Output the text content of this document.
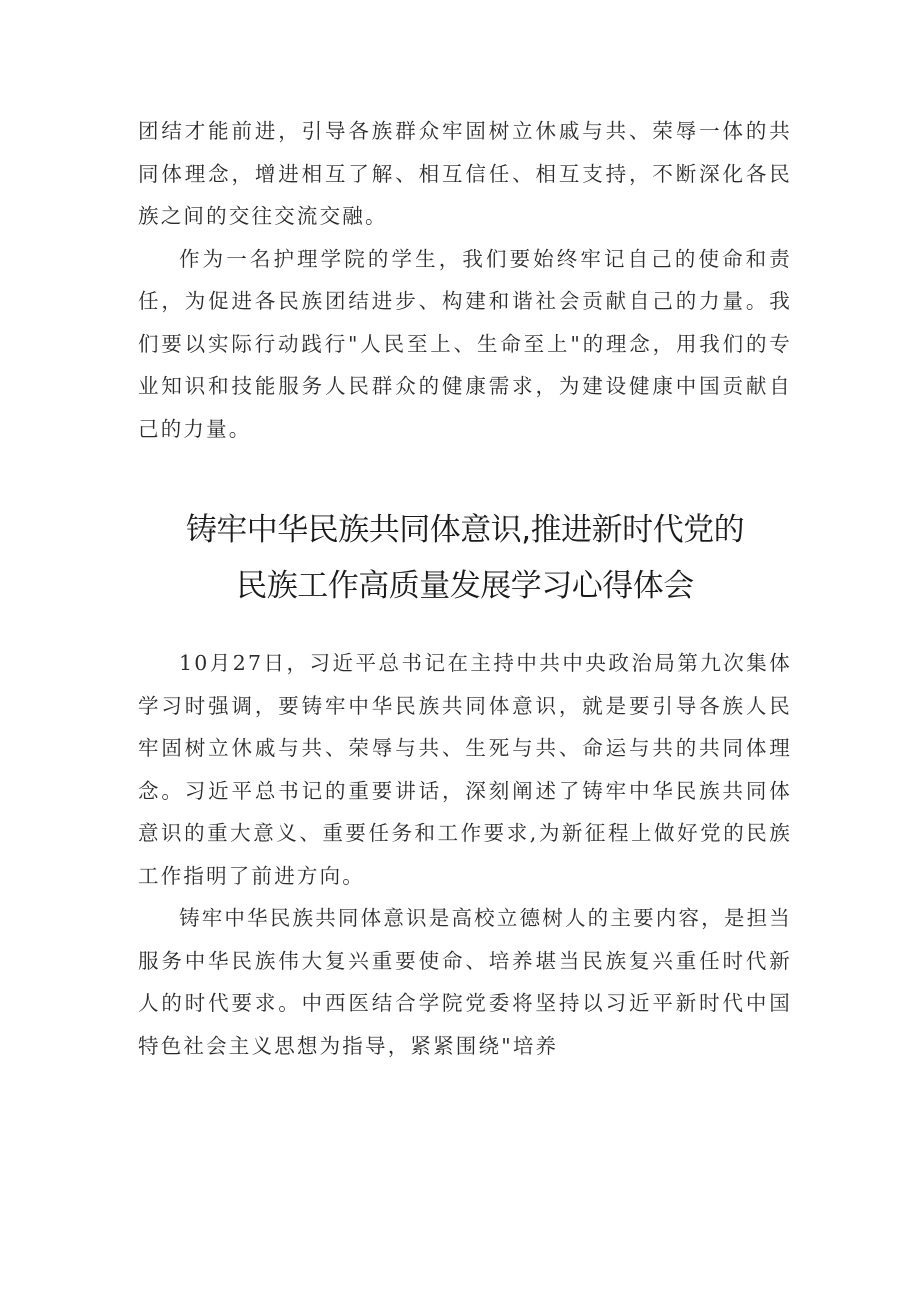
团结才能前进，引导各族群众牢固树立休戚与共、荣辱一体的共同体理念，增进相互了解、相互信任、相互支持，不断深化各民族之间的交往交流交融。

作为一名护理学院的学生，我们要始终牢记自己的使命和责任，为促进各民族团结进步、构建和谐社会贡献自己的力量。我们要以实际行动践行"人民至上、生命至上"的理念，用我们的专业知识和技能服务人民群众的健康需求，为建设健康中国贡献自己的力量。

铸牢中华民族共同体意识,推进新时代党的
民族工作高质量发展学习心得体会

10月27日，习近平总书记在主持中共中央政治局第九次集体学习时强调，要铸牢中华民族共同体意识，就是要引导各族人民牢固树立休戚与共、荣辱与共、生死与共、命运与共的共同体理念。习近平总书记的重要讲话，深刻阐述了铸牢中华民族共同体意识的重大意义、重要任务和工作要求,为新征程上做好党的民族工作指明了前进方向。

铸牢中华民族共同体意识是高校立德树人的主要内容，是担当服务中华民族伟大复兴重要使命、培养堪当民族复兴重任时代新人的时代要求。中西医结合学院党委将坚持以习近平新时代中国特色社会主义思想为指导，紧紧围绕"培养
